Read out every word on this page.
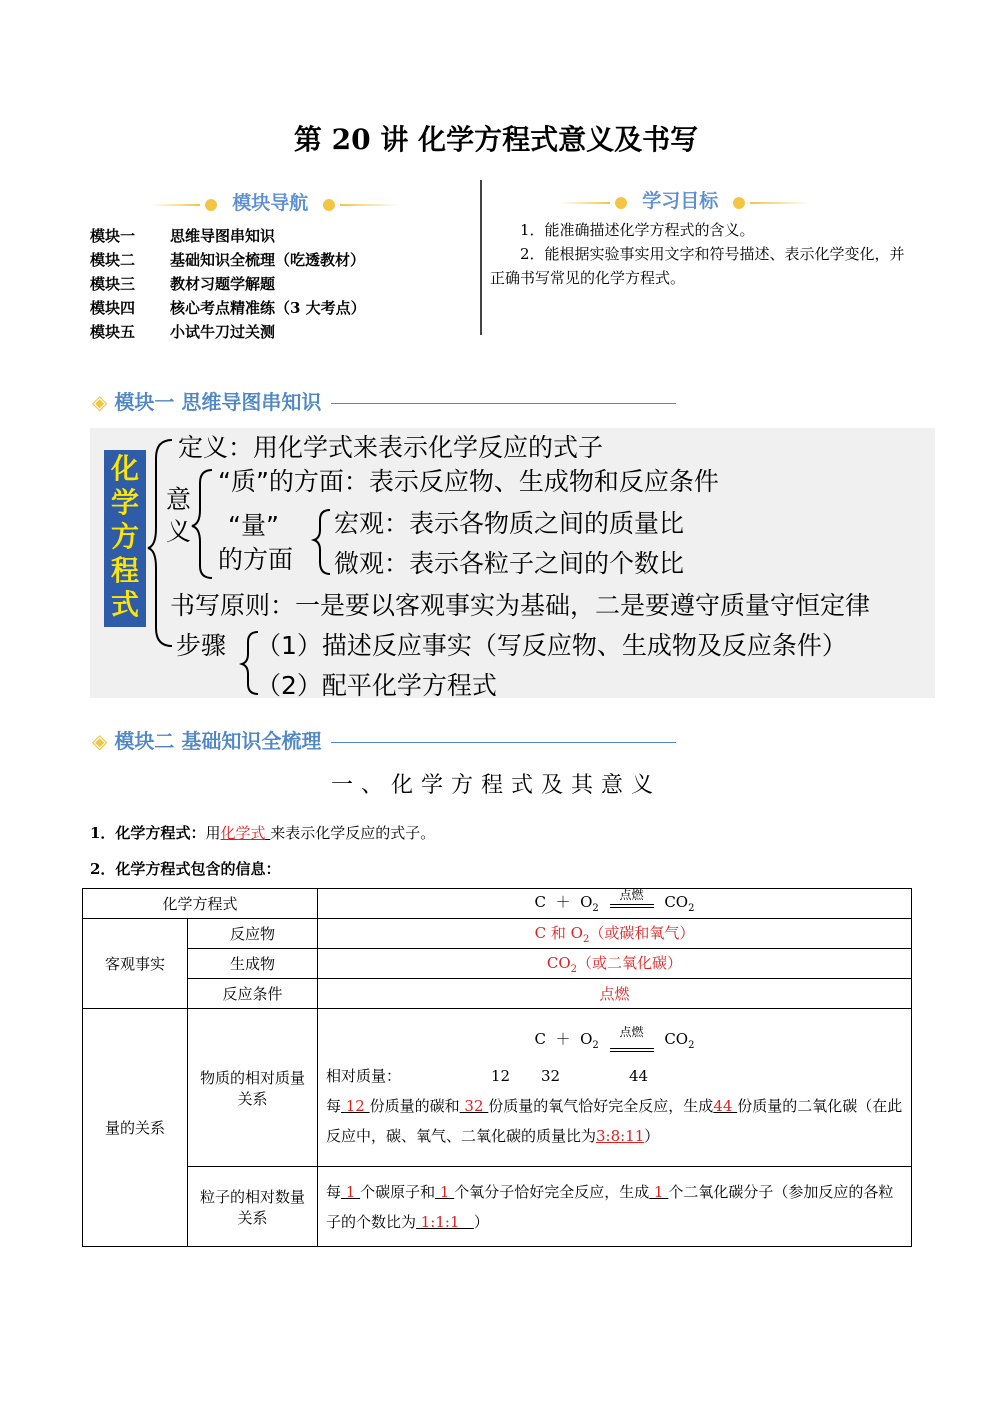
第 20 讲 化学方程式意义及书写
模块导航
模块一 思维导图串知识
模块二 基础知识全梳理（吃透教材）
模块三 教材习题学解题
模块四 核心考点精准练（3 大考点）
模块五 小试牛刀过关测
学习目标
1．能准确描述化学方程式的含义。
2．能根据实验事实用文字和符号描述、表示化学变化，并正确书写常见的化学方程式。
◈ 模块一 思维导图串知识
化
学
方
程
式
定义：用化学式来表示化学反应的式子
意义
“质”的方面：表示反应物、生成物和反应条件
“量”
的方面
宏观：表示各物质之间的质量比
微观：表示各粒子之间的个数比
书写原则：一是要以客观事实为基础，二是要遵守质量守恒定律
步骤 （1）描述反应事实（写反应物、生成物及反应条件）
（2）配平化学方程式
◈ 模块二 基础知识全梳理
一、化学方程式及其意义
1．化学方程式：用化学式 来表示化学反应的式子。
2．化学方程式包含的信息：
化学方程式		$C + O_2$ 点燃 $CO_2$
客观事实	反应物	C 和 $O_2$（或碳和氧气）
	生成物	$CO_2$（或二氧化碳）
	反应条件	点燃
量的关系	物质的相对质量关系	$C + O_2$ 点燃 $CO_2$
相对质量： 12 32 44
每 12 份质量的碳和 32 份质量的氧气恰好完全反应，生成44 份质量的二氧化碳（在此反应中，碳、氧气、二氧化碳的质量比为3:8:11）

	粒子的相对数量关系	每 1 个碳原子和 1 个氧分子恰好完全反应，生成 1 个二氧化碳分子（参加反应的各粒子的个数比为 1:1:1 ）
